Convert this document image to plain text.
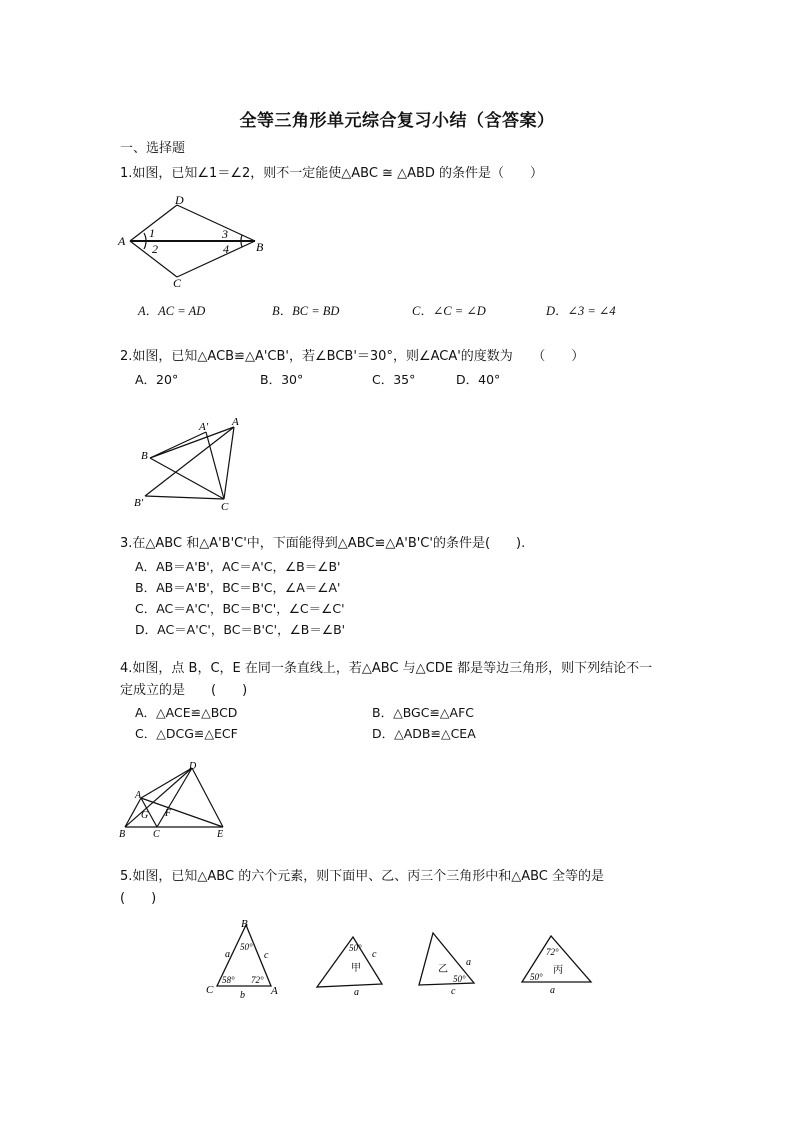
全等三角形单元综合复习小结（含答案）
一、选择题
1.如图，已知∠1＝∠2，则不一定能使△ABC ≅ △ABD 的条件是（　　）
D
A	B
C
1
2
3
4
A．AC = AD	B．BC = BD	C．∠C = ∠D	D．∠3 = ∠4
2.如图，已知△ACB≌△A'CB'，若∠BCB'＝30°，则∠ACA'的度数为　　（　　）
A．20°	B．30°	C．35°	D．40°
A' A
B
B'	C
3.在△ABC 和△A'B'C'中，下面能得到△ABC≌△A'B'C'的条件是(　　).
A．AB＝A'B'，AC＝A'C，∠B＝∠B'
B．AB＝A'B'，BC＝B'C，∠A＝∠A'
C．AC＝A'C'，BC＝B'C'，∠C＝∠C'
D．AC＝A'C'，BC＝B'C'，∠B＝∠B'
4.如图，点 B，C，E 在同一条直线上，若△ABC 与△CDE 都是等边三角形，则下列结论不一
定成立的是　　(　　)
A．△ACE≌△BCD	B．△BGC≌△AFC
C．△DCG≌△ECF	D．△ADB≌△CEA
D
A
G F
B	C	E
5.如图，已知△ABC 的六个元素，则下面甲、乙、丙三个三角形中和△ABC 全等的是
(　　)
B
C	A
a	c
b
50°
58° 72°
50°
c
a
甲	乙
50°
a
c
72°
丙
50°
a
